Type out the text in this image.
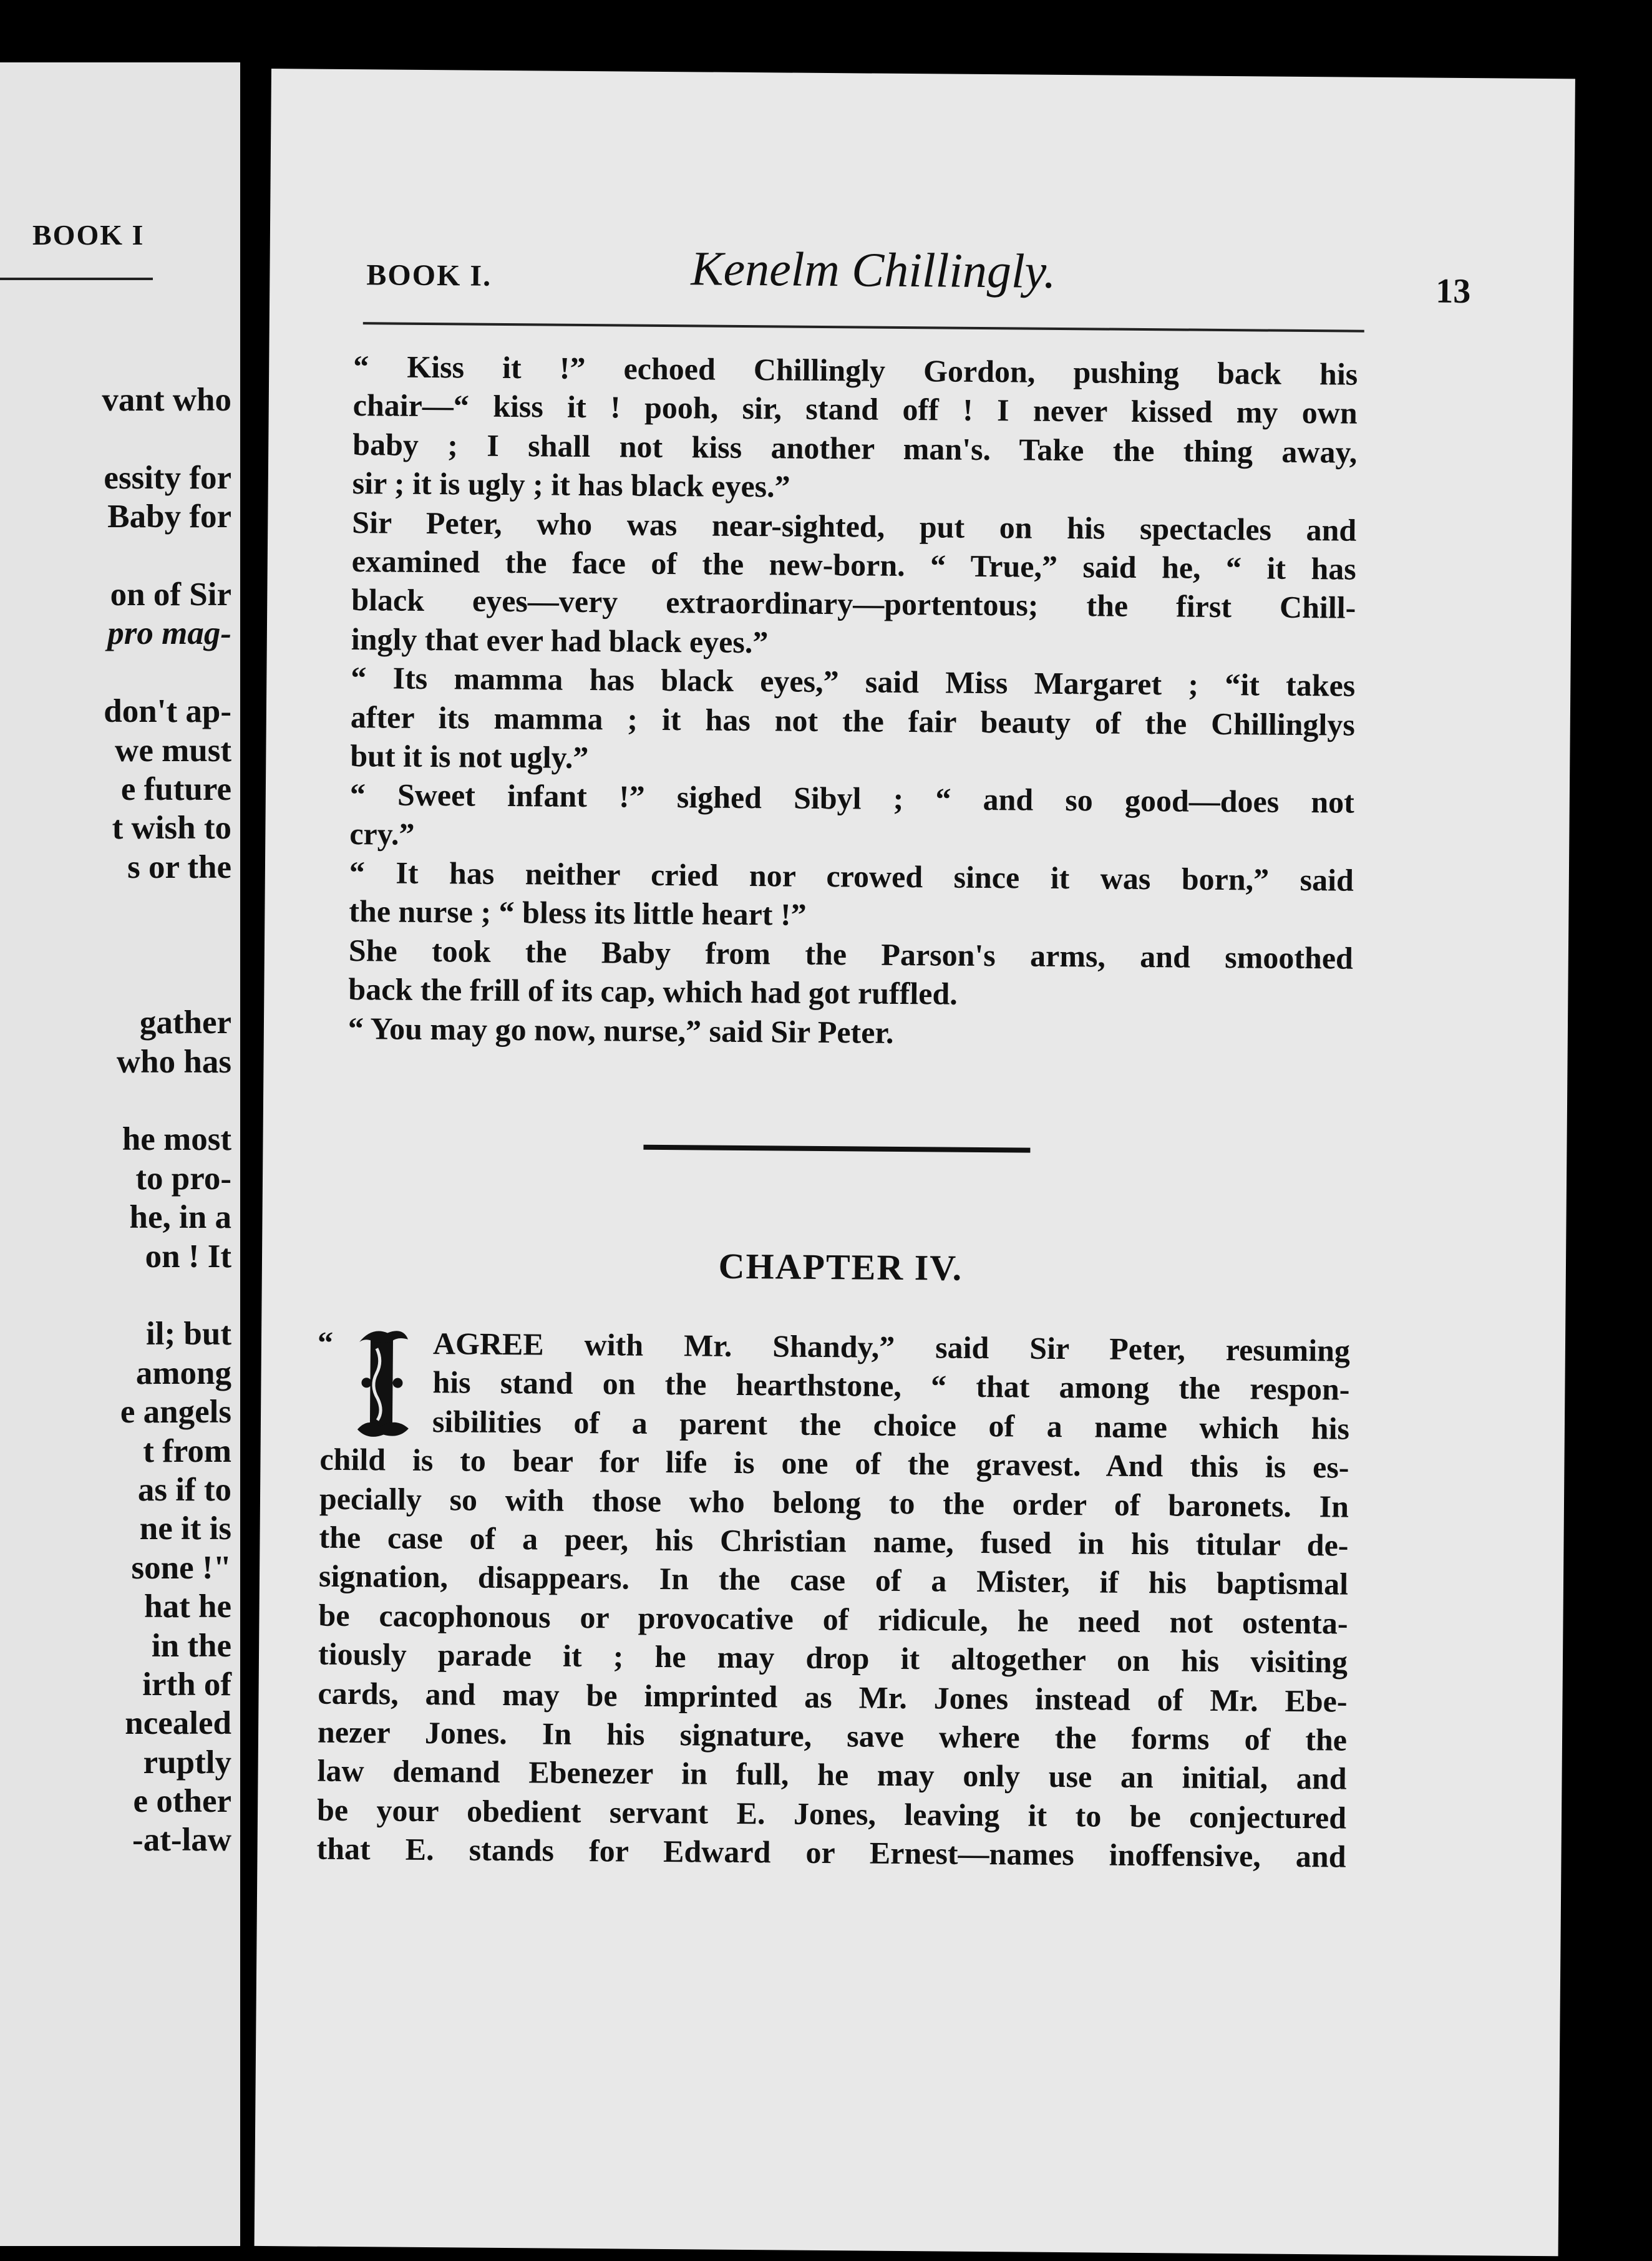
BOOK I
vant who
essity for
Baby for
on of Sir
pro mag-
don't ap-
we must
e future
t wish to
s or the
gather
who has
he most
to pro-
he, in a
on ! It
il; but
among
e angels
t from
as if to
ne it is
sone !"
hat he
in the
irth of
ncealed
ruptly
e other
-at-law
BOOK I.	Kenelm Chillingly.	13
“ Kiss it !” echoed Chillingly Gordon, pushing back his
chair—“ kiss it ! pooh, sir, stand off ! I never kissed my own
baby ; I shall not kiss another man's. Take the thing away,
sir ; it is ugly ; it has black eyes.”
Sir Peter, who was near-sighted, put on his spectacles and
examined the face of the new-born. “ True,” said he, “ it has
black eyes—very extraordinary—portentous; the first Chill-
ingly that ever had black eyes.”
“ Its mamma has black eyes,” said Miss Margaret ; “it takes
after its mamma ; it has not the fair beauty of the Chillinglys
but it is not ugly.”
“ Sweet infant !” sighed Sibyl ; “ and so good—does not
cry.”
“ It has neither cried nor crowed since it was born,” said
the nurse ; “ bless its little heart !”
She took the Baby from the Parson's arms, and smoothed
back the frill of its cap, which had got ruffled.
“ You may go now, nurse,” said Sir Peter.
CHAPTER IV.
“	AGREE with Mr. Shandy,” said Sir Peter, resuming
his stand on the hearthstone, “ that among the respon-
sibilities of a parent the choice of a name which his
child is to bear for life is one of the gravest. And this is es-
pecially so with those who belong to the order of baronets. In
the case of a peer, his Christian name, fused in his titular de-
signation, disappears. In the case of a Mister, if his baptismal
be cacophonous or provocative of ridicule, he need not ostenta-
tiously parade it ; he may drop it altogether on his visiting
cards, and may be imprinted as Mr. Jones instead of Mr. Ebe-
nezer Jones. In his signature, save where the forms of the
law demand Ebenezer in full, he may only use an initial, and
be your obedient servant E. Jones, leaving it to be conjectured
that E. stands for Edward or Ernest—names inoffensive, and
